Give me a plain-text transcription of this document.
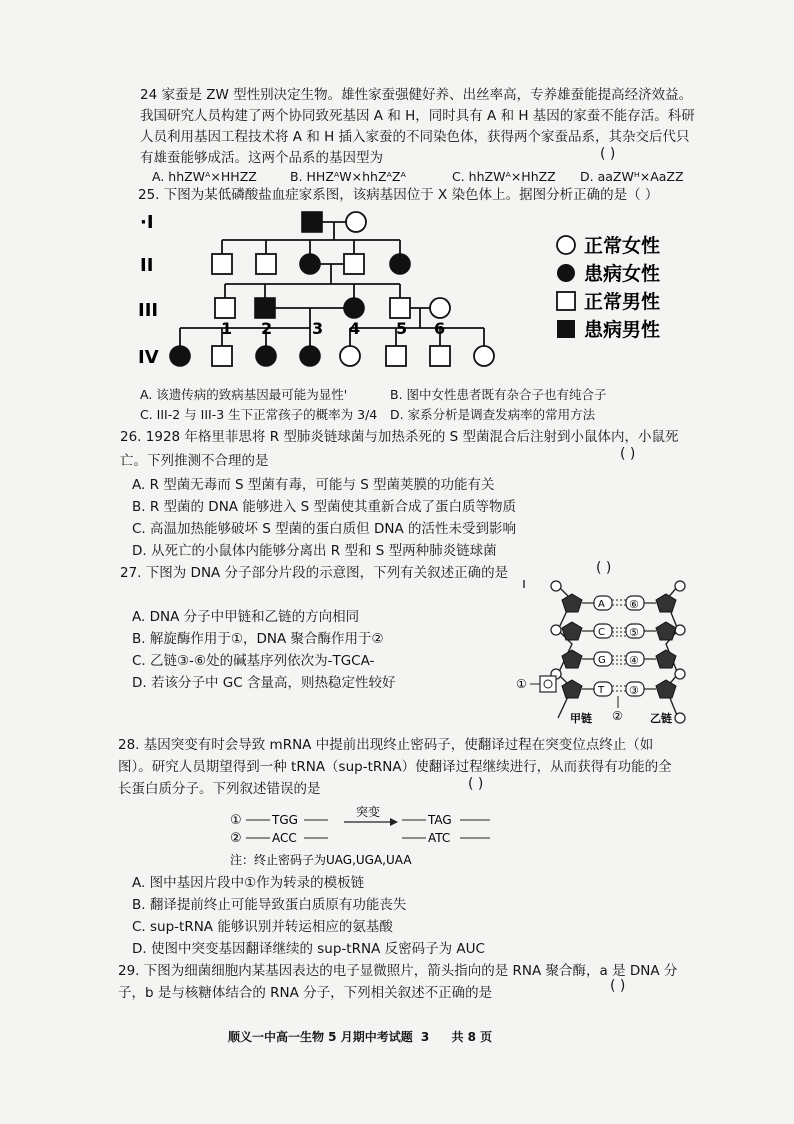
24 家蚕是 ZW 型性别决定生物。雄性家蚕强健好养、出丝率高，专养雄蚕能提高经济效益。
我国研究人员构建了两个协同致死基因 A 和 H，同时具有 A 和 H 基因的家蚕不能存活。科研
人员利用基因工程技术将 A 和 H 插入家蚕的不同染色体，获得两个家蚕品系，其杂交后代只
有雄蚕能够成活。这两个品系的基因型为	( )
A. hhZWᴬ×HHZZ	B. HHZᴬW×hhZᴬZᴬ	C. hhZWᴬ×HhZZ D. aaZWᴴ×AaZZ
25. 下图为某低磷酸盐血症家系图，该病基因位于 X 染色体上。据图分析正确的是（ ）
·I
II
III
IV
1 2 3 4 5 6
正常女性
患病女性
正常男性
患病男性
A. 该遗传病的致病基因最可能为显性'	B. 图中女性患者既有杂合子也有纯合子
C. III-2 与 III-3 生下正常孩子的概率为 3/4 D. 家系分析是调查发病率的常用方法
26. 1928 年格里菲思将 R 型肺炎链球菌与加热杀死的 S 型菌混合后注射到小鼠体内，小鼠死
亡。下列推测不合理的是	( )
A. R 型菌无毒而 S 型菌有毒，可能与 S 型菌荚膜的功能有关
B. R 型菌的 DNA 能够进入 S 型菌使其重新合成了蛋白质等物质
C. 高温加热能够破坏 S 型菌的蛋白质但 DNA 的活性未受到影响
D. 从死亡的小鼠体内能够分离出 R 型和 S 型两种肺炎链球菌
27. 下图为 DNA 分子部分片段的示意图，下列有关叙述正确的是	( )
A. DNA 分子中甲链和乙链的方向相同
B. 解旋酶作用于①，DNA 聚合酶作用于②
C. 乙链③-⑥处的碱基序列依次为-TGCA-
D. 若该分子中 GC 含量高，则热稳定性较好
A
C
G
T
⑥
⑤
④
③
①
②
甲链	乙链
28. 基因突变有时会导致 mRNA 中提前出现终止密码子，使翻译过程在突变位点终止（如
图）。研究人员期望得到一种 tRNA（sup-tRNA）使翻译过程继续进行，从而获得有功能的全
长蛋白质分子。下列叙述错误的是	( )
①	TGG
②	ACC
突变
TAG
ATC
注：终止密码子为UAG,UGA,UAA
A. 图中基因片段中①作为转录的模板链
B. 翻译提前终止可能导致蛋白质原有功能丧失
C. sup-tRNA 能够识别并转运相应的氨基酸
D. 使图中突变基因翻译继续的 sup-tRNA 反密码子为 AUC
29. 下图为细菌细胞内某基因表达的电子显微照片，箭头指向的是 RNA 聚合酶，a 是 DNA 分
子，b 是与核糖体结合的 RNA 分子，下列相关叙述不正确的是	( )
顺义一中高一生物 5 月期中考试题 3 共 8 页
